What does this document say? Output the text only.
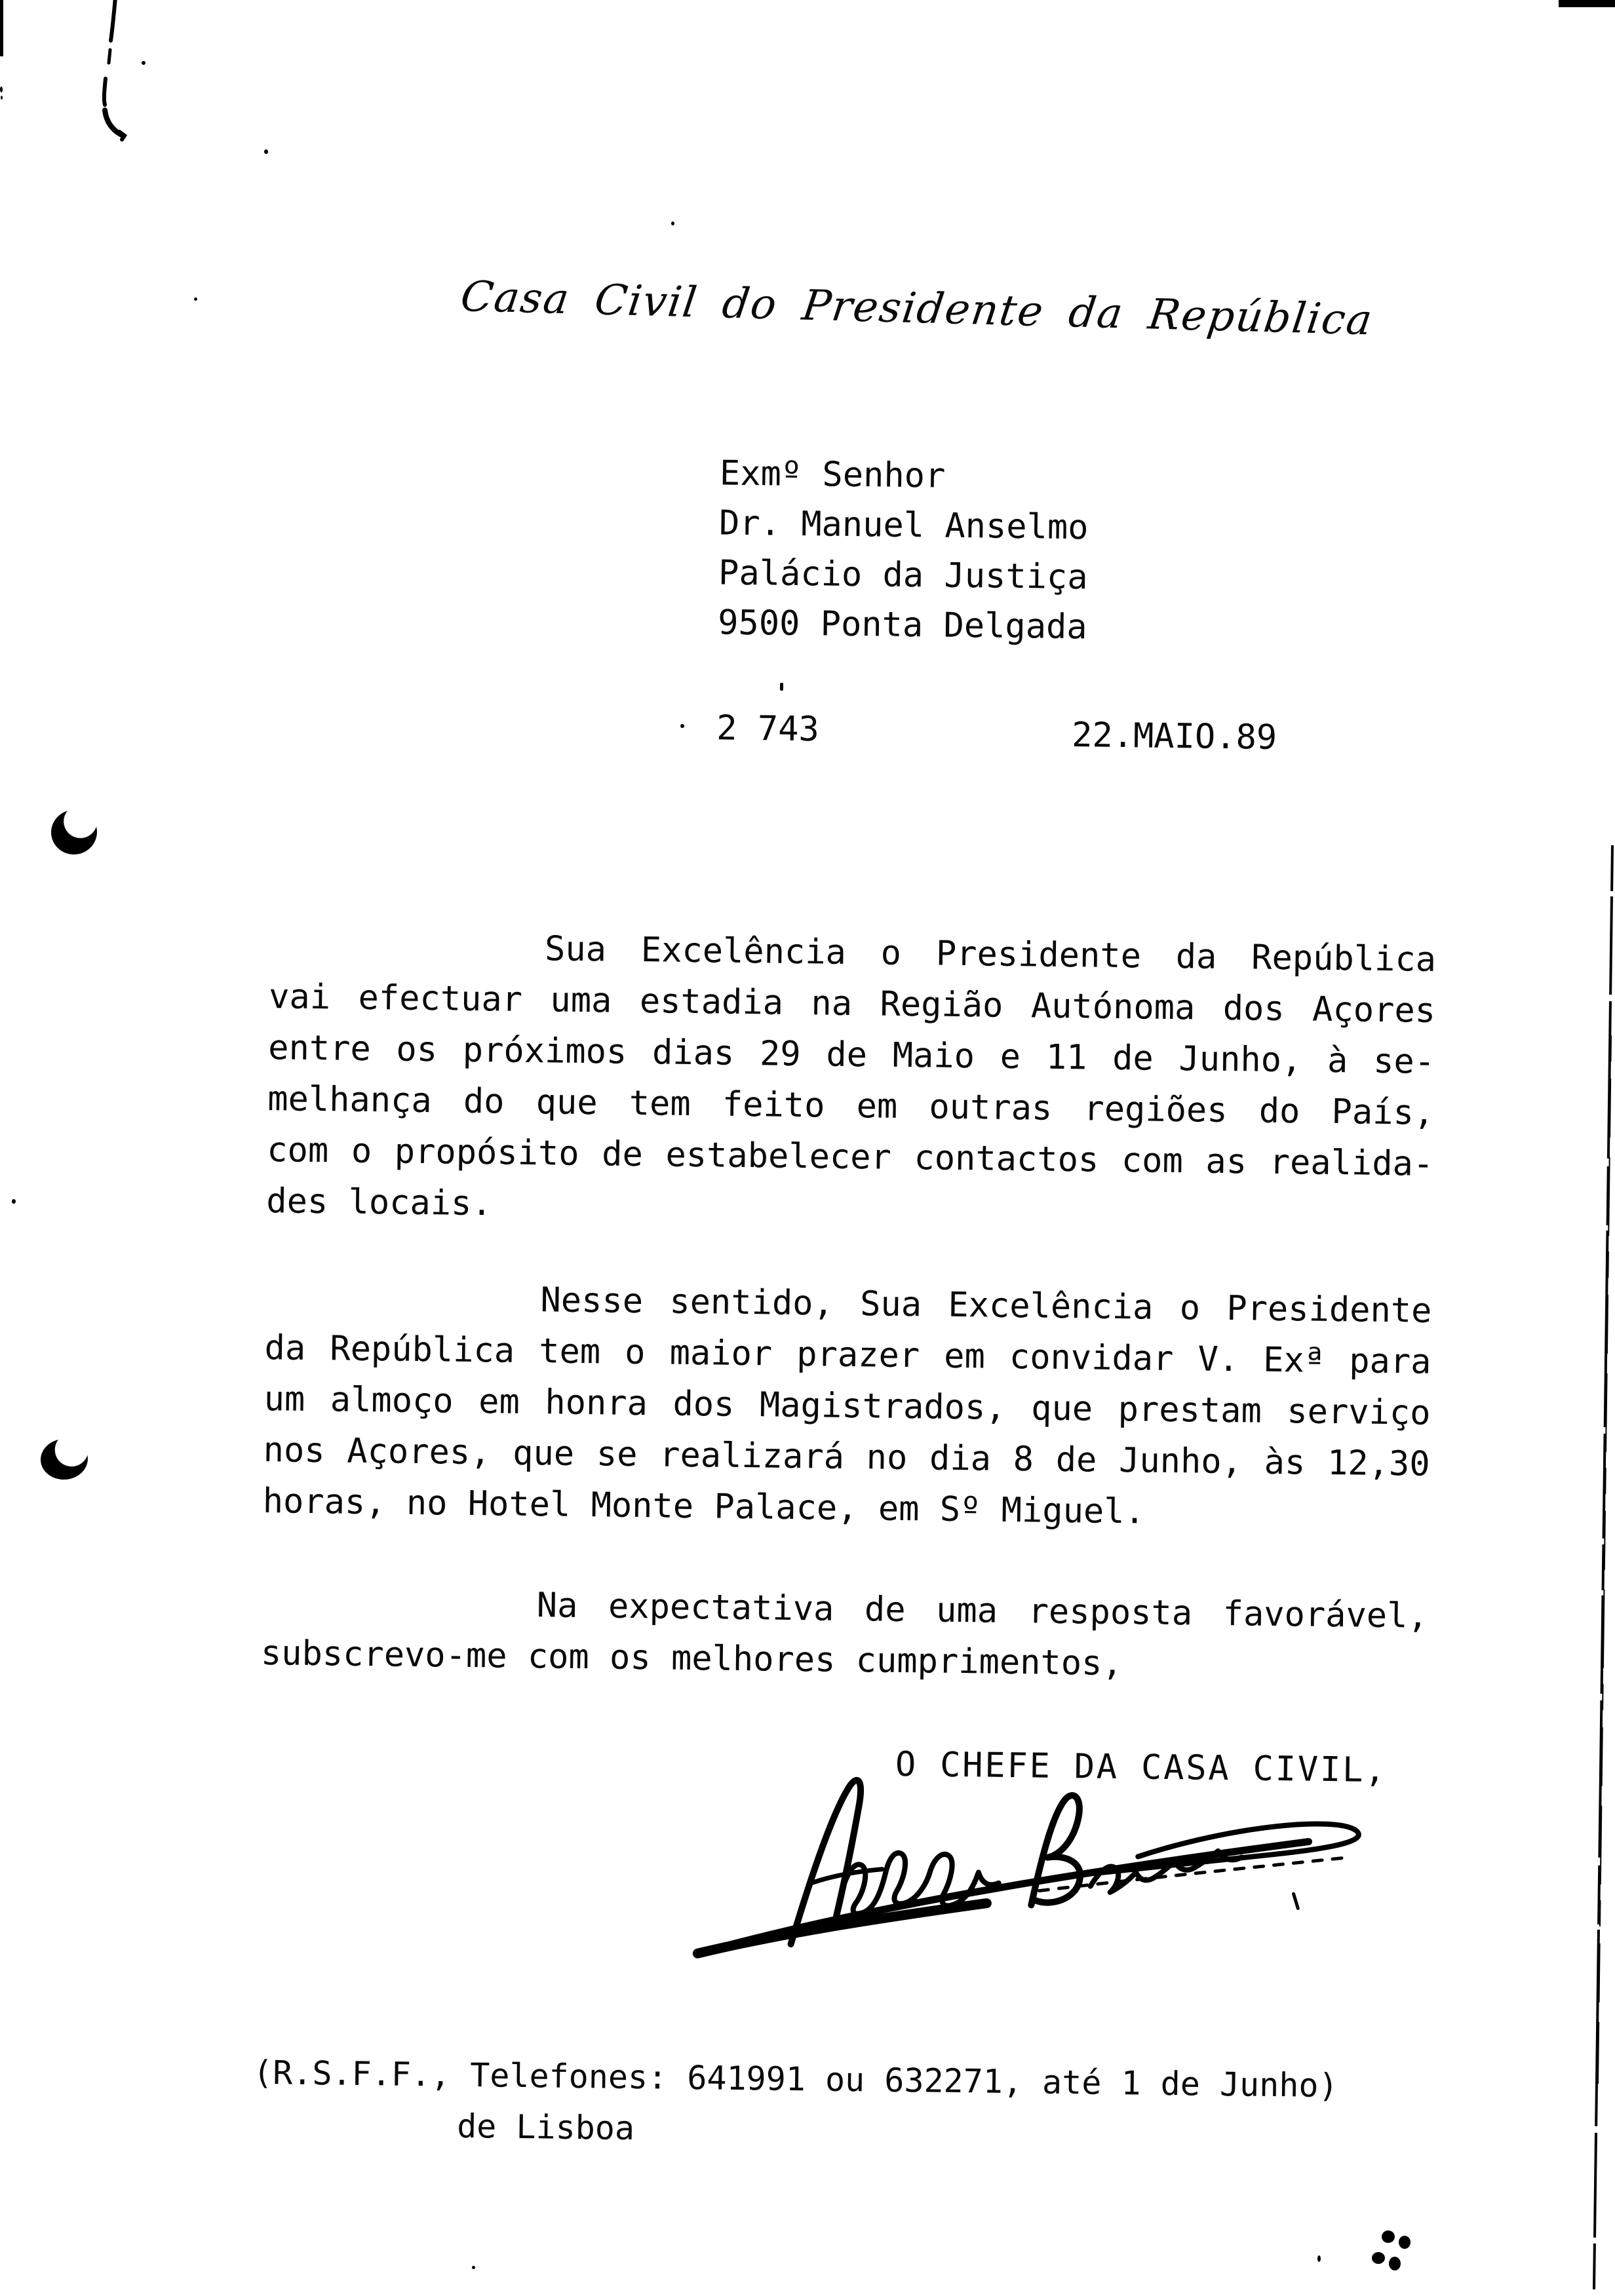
Casa Civil do Presidente da República
Exmº Senhor
Dr. Manuel Anselmo
Palácio da Justiça
9500 Ponta Delgada
2 743	22.MAIO.89
Sua Excelência o Presidente da República
vai efectuar uma estadia na Região Autónoma dos Açores
entre os próximos dias 29 de Maio e 11 de Junho, à se-
melhança do que tem feito em outras regiões do País,
com o propósito de estabelecer contactos com as realida-
des locais.
Nesse sentido, Sua Excelência o Presidente
da República tem o maior prazer em convidar V. Exª para
um almoço em honra dos Magistrados, que prestam serviço
nos Açores, que se realizará no dia 8 de Junho, às 12,30
horas, no Hotel Monte Palace, em Sº Miguel.
Na expectativa de uma resposta favorável,
subscrevo-me com os melhores cumprimentos,
O CHEFE DA CASA CIVIL,
(R.S.F.F., Telefones: 641991 ou 632271, até 1 de Junho)
de Lisboa
